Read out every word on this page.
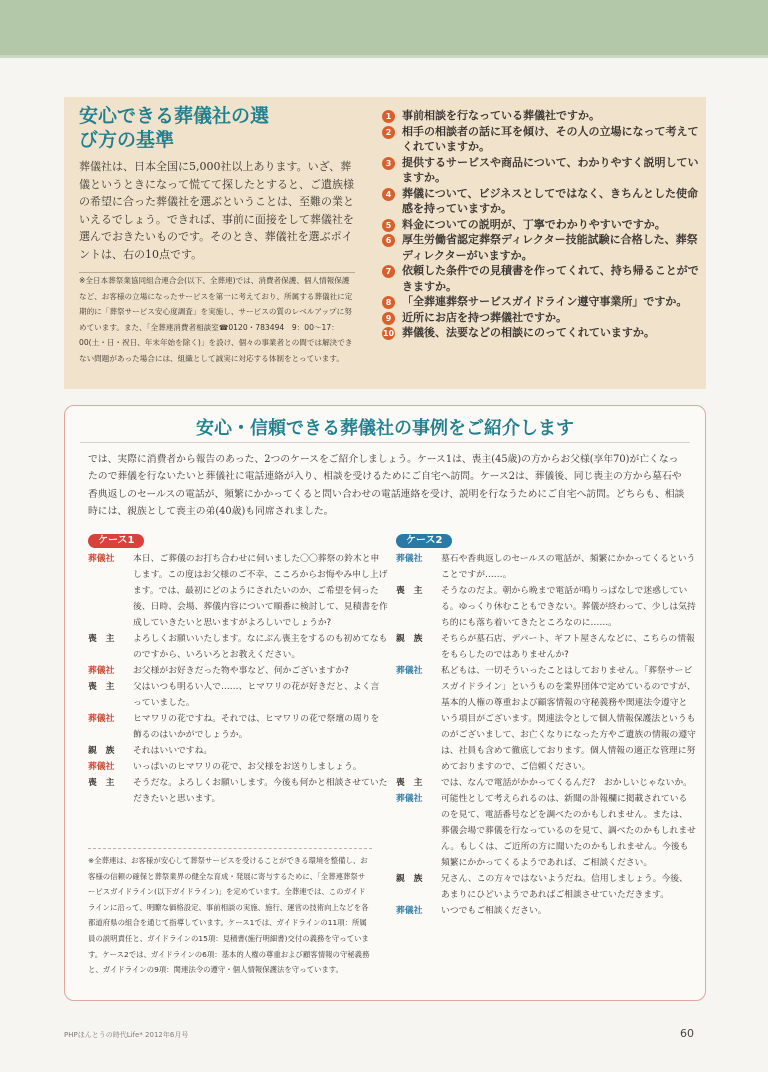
安心できる葬儀社の選び方の基準
葬儀社は、日本全国に5,000社以上あります。いざ、葬儀というときになって慌てて探したとすると、ご遺族様の希望に合った葬儀社を選ぶということは、至難の業といえるでしょう。できれば、事前に面接をして葬儀社を選んでおきたいものです。そのとき、葬儀社を選ぶポイントは、右の10点です。
※全日本葬祭業協同組合連合会(以下、全葬連)では、消費者保護、個人情報保護など、お客様の立場になったサービスを第一に考えており、所属する葬儀社に定期的に「葬祭サービス安心度調査」を実施し、サービスの質のレベルアップに努めています。また、「全葬連消費者相談室☎0120・783494　9：00〜17：00(土・日・祝日、年末年始を除く)」を設け、個々の事業者との間では解決できない問題があった場合には、組織として誠実に対応する体制をとっています。
1 事前相談を行なっている葬儀社ですか。
2 相手の相談者の話に耳を傾け、その人の立場になって考えてくれていますか。
3 提供するサービスや商品について、わかりやすく説明していますか。
4 葬儀について、ビジネスとしてではなく、きちんとした使命感を持っていますか。
5 料金についての説明が、丁寧でわかりやすいですか。
6 厚生労働省認定葬祭ディレクター技能試験に合格した、葬祭ディレクターがいますか。
7 依頼した条件での見積書を作ってくれて、持ち帰ることができますか。
8 「全葬連葬祭サービスガイドライン遵守事業所」ですか。
9 近所にお店を持つ葬儀社ですか。
10 葬儀後、法要などの相談にのってくれていますか。
安心・信頼できる葬儀社の事例をご紹介します
では、実際に消費者から報告のあった、2つのケースをご紹介しましょう。ケース1は、喪主(45歳)の方からお父様(享年70)が亡くなったので葬儀を行ないたいと葬儀社に電話連絡が入り、相談を受けるためにご自宅へ訪問。ケース2は、葬儀後、同じ喪主の方から墓石や香典返しのセールスの電話が、頻繁にかかってくると問い合わせの電話連絡を受け、説明を行なうためにご自宅へ訪問。どちらも、相談時には、親族として喪主の弟(40歳)も同席されました。
ケース1
葬儀社 本日、ご葬儀のお打ち合わせに伺いました〇〇葬祭の鈴木と申します。この度はお父様のご不幸、こころからお悔やみ申し上げます。では、最初にどのようにされたいのか、ご希望を伺った後、日時、会場、葬儀内容について順番に検討して、見積書を作成していきたいと思いますがよろしいでしょうか?
喪　主 よろしくお願いいたします。なにぶん喪主をするのも初めてなものですから、いろいろとお教えください。
葬儀社 お父様がお好きだった物や事など、何かございますか?
喪　主 父はいつも明るい人で……、ヒマワリの花が好きだと、よく言っていました。
葬儀社 ヒマワリの花ですね。それでは、ヒマワリの花で祭壇の周りを飾るのはいかがでしょうか。
親　族 それはいいですね。
葬儀社 いっぱいのヒマワリの花で、お父様をお送りしましょう。
喪　主 そうだな。よろしくお願いします。今後も何かと相談させていただきたいと思います。
※全葬連は、お客様が安心して葬祭サービスを受けることができる環境を整備し、お客様の信頼の確保と葬祭業界の健全な育成・発展に寄与するために、「全葬連葬祭サービスガイドライン(以下ガイドライン)」を定めています。全葬連では、このガイドラインに沿って、明瞭な価格設定、事前相談の実施、施行、運営の技術向上などを各都道府県の組合を通じて指導しています。ケース1では、ガイドラインの11項：所属員の説明責任と、ガイドラインの15項：見積書(施行明細書)交付の義務を守っています。ケース2では、ガイドラインの6項：基本的人権の尊重および顧客情報の守秘義務と、ガイドラインの9項：関連法令の遵守・個人情報保護法を守っています。
ケース2
葬儀社 墓石や香典返しのセールスの電話が、頻繁にかかってくるということですが……。
喪　主 そうなのだよ。朝から晩まで電話が鳴りっぱなしで迷惑している。ゆっくり休むこともできない。葬儀が終わって、少しは気持ち的にも落ち着いてきたところなのに……。
親　族 そちらが墓石店、デパート、ギフト屋さんなどに、こちらの情報をもらしたのではありませんか?
葬儀社 私どもは、一切そういったことはしておりません。「葬祭サービスガイドライン」というものを業界団体で定めているのですが、基本的人権の尊重および顧客情報の守秘義務や関連法令遵守という項目がございます。関連法令として個人情報保護法というものがございまして、お亡くなりになった方やご遺族の情報の遵守は、社員も含めて徹底しております。個人情報の適正な管理に努めておりますので、ご信頼ください。
喪　主 では、なんで電話がかかってくるんだ?　おかしいじゃないか。
葬儀社 可能性として考えられるのは、新聞の訃報欄に掲載されているのを見て、電話番号などを調べたのかもしれません。または、葬儀会場で葬儀を行なっているのを見て、調べたのかもしれません。もしくは、ご近所の方に聞いたのかもしれません。今後も頻繁にかかってくるようであれば、ご相談ください。
親　族 兄さん、この方々ではないようだね。信用しましょう。今後、あまりにひどいようであればご相談させていただきます。
葬儀社 いつでもご相談ください。
PHPほんとうの時代Life* 2012年6月号	60
